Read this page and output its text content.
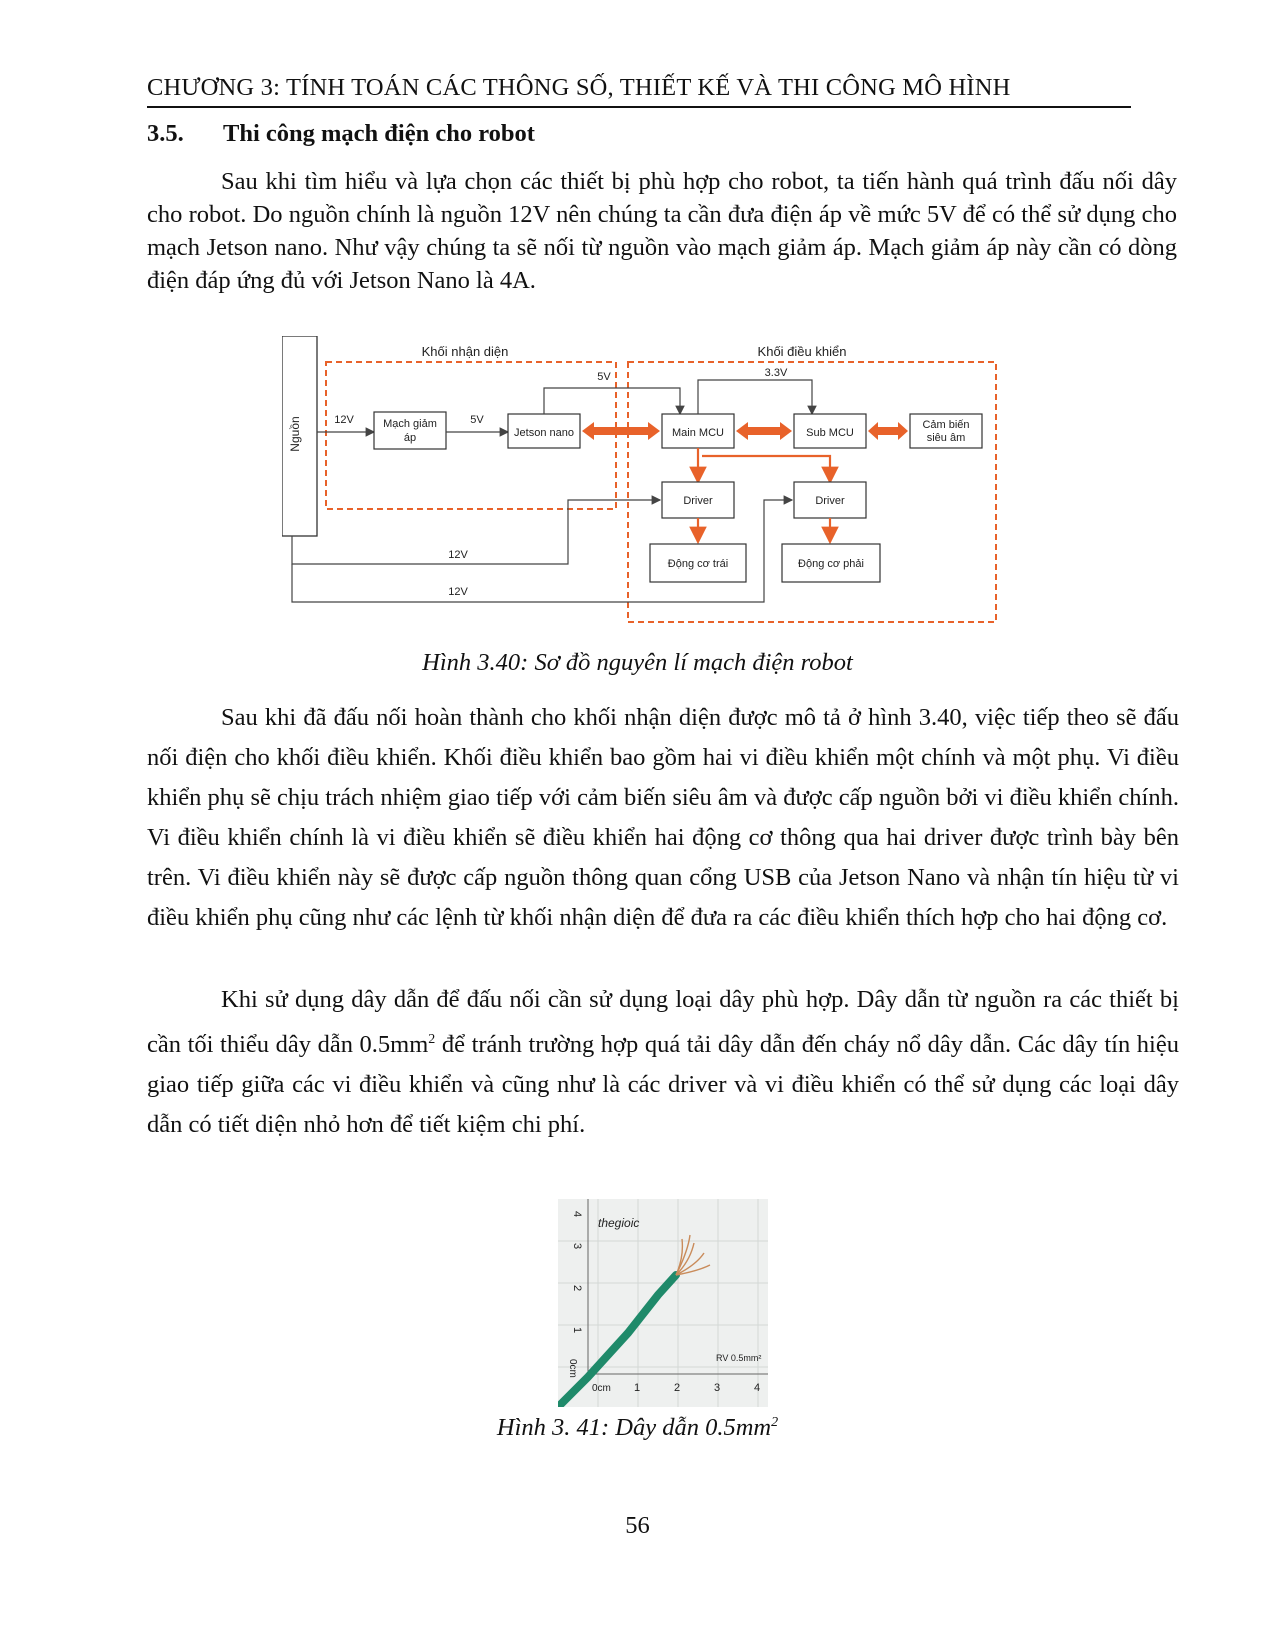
CHƯƠNG 3: TÍNH TOÁN CÁC THÔNG SỐ, THIẾT KẾ VÀ THI CÔNG MÔ HÌNH
3.5. Thi công mạch điện cho robot

Sau khi tìm hiểu và lựa chọn các thiết bị phù hợp cho robot, ta tiến hành quá trình đấu nối dây cho robot. Do nguồn chính là nguồn 12V nên chúng ta cần đưa điện áp về mức 5V để có thể sử dụng cho mạch Jetson nano. Như vậy chúng ta sẽ nối từ nguồn vào mạch giảm áp. Mạch giảm áp này cần có dòng điện đáp ứng đủ với Jetson Nano là 4A.

Khối nhận diện	Khối điều khiển
Nguồn	12V	Mạch giảm
áp
5V
Jetson nano
5V
Main MCU
3.3V
Sub MCU
Cảm biến
siêu âm
Driver	Driver
Động cơ trái	Động cơ phải
12V
12V
Hình 3.40: Sơ đồ nguyên lí mạch điện robot

Sau khi đã đấu nối hoàn thành cho khối nhận diện được mô tả ở hình 3.40, việc tiếp theo sẽ đấu nối điện cho khối điều khiển. Khối điều khiển bao gồm hai vi điều khiển một chính và một phụ. Vi điều khiển phụ sẽ chịu trách nhiệm giao tiếp với cảm biến siêu âm và được cấp nguồn bởi vi điều khiển chính. Vi điều khiển chính là vi điều khiển sẽ điều khiển hai động cơ thông qua hai driver được trình bày bên trên. Vi điều khiển này sẽ được cấp nguồn thông quan cổng USB của Jetson Nano và nhận tín hiệu từ vi điều khiển phụ cũng như các lệnh từ khối nhận diện để đưa ra các điều khiển thích hợp cho hai động cơ.

Khi sử dụng dây dẫn để đấu nối cần sử dụng loại dây phù hợp. Dây dẫn từ nguồn ra các thiết bị cần tối thiểu dây dẫn $0.5mm^2$ để tránh trường hợp quá tải dây dẫn đến cháy nổ dây dẫn. Các dây tín hiệu giao tiếp giữa các vi điều khiển và cũng như là các driver và vi điều khiển có thể sử dụng các loại dây dẫn có tiết diện nhỏ hơn để tiết kiệm chi phí.

thegioic
4
3
2
1
0cm
0cm 1	2	3	4
RV 0.5mm²
Hình 3. 41: Dây dẫn $0.5mm^2$
56
